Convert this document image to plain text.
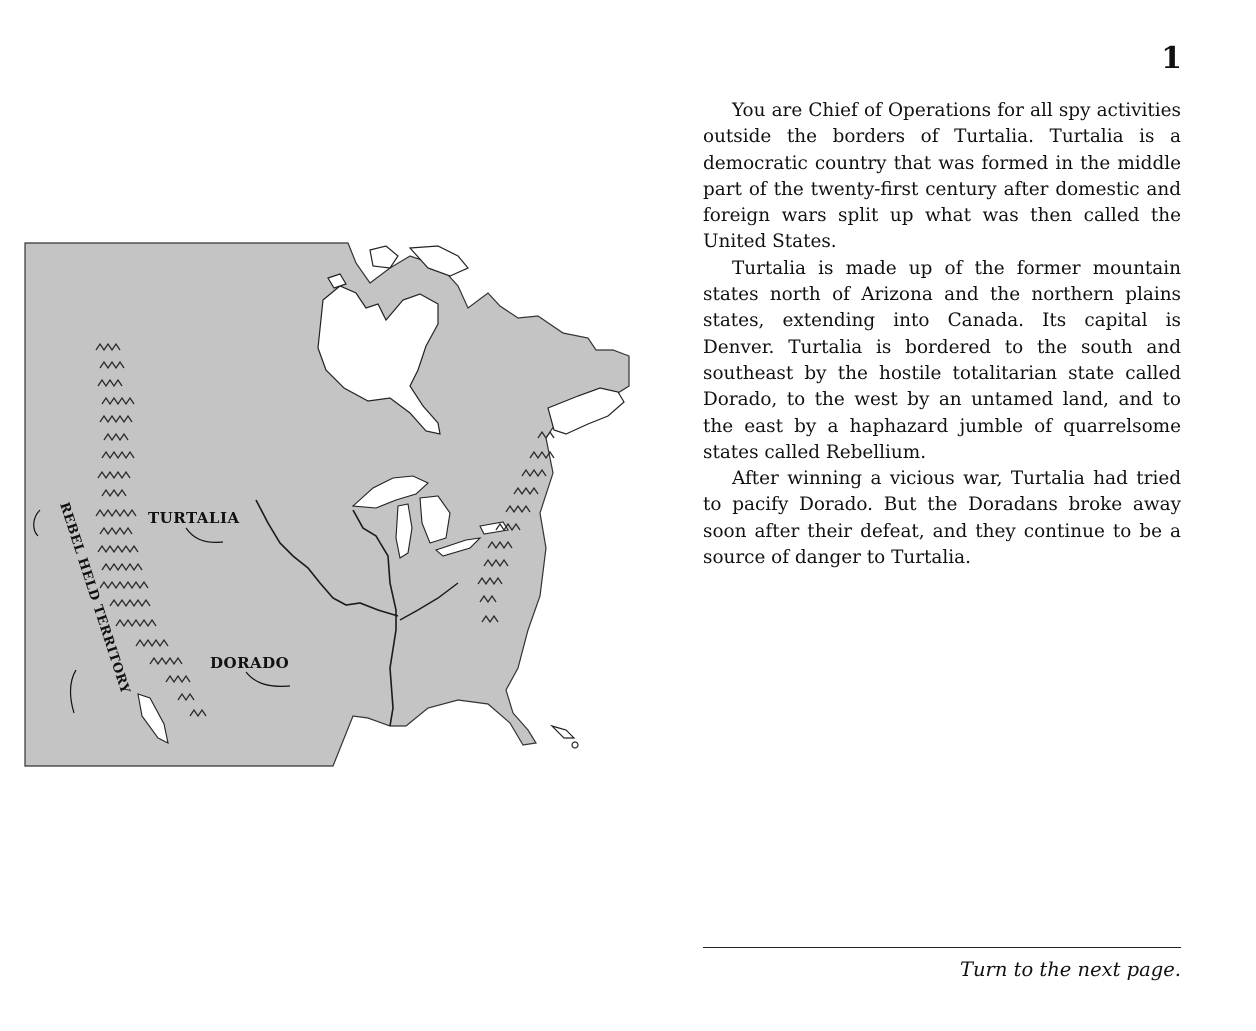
TURTALIA
DORADO
REBEL HELD TERRITORY
1

You are Chief of Operations for all spy activities outside the borders of Turtalia. Turtalia is a democratic country that was formed in the middle part of the twenty-first century after domestic and foreign wars split up what was then called the United States.

Turtalia is made up of the former mountain states north of Arizona and the northern plains states, extending into Canada. Its capital is Denver. Turtalia is bordered to the south and southeast by the hostile totalitarian state called Dorado, to the west by an untamed land, and to the east by a haphazard jumble of quarrelsome states called Rebellium.

After winning a vicious war, Turtalia had tried to pacify Dorado. But the Doradans broke away soon after their defeat, and they continue to be a source of danger to Turtalia.

Turn to the next page.
